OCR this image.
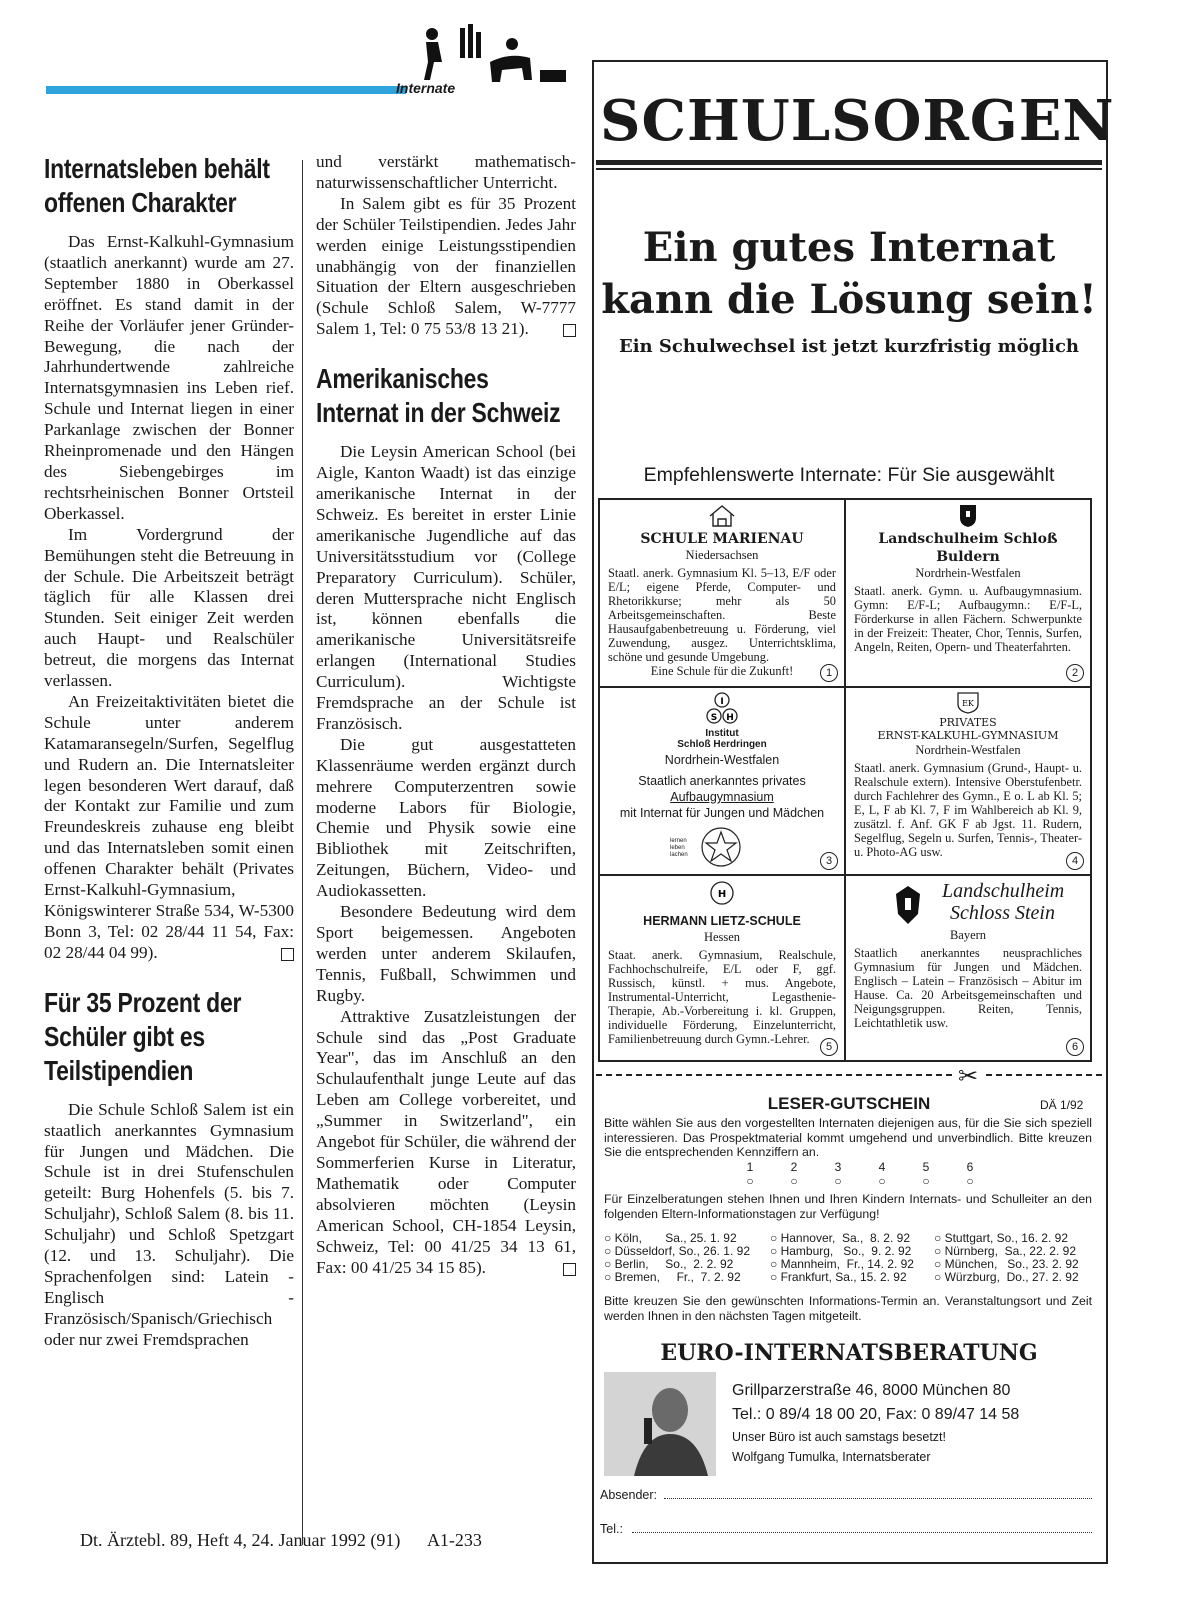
Internate
Internatsleben behält offenen Charakter

Das Ernst-Kalkuhl-Gymnasium (staatlich anerkannt) wurde am 27. September 1880 in Oberkassel eröffnet. Es stand damit in der Reihe der Vorläufer jener Gründer-Bewegung, die nach der Jahrhundertwende zahlreiche Internatsgymnasien ins Leben rief. Schule und Internat liegen in einer Parkanlage zwischen der Bonner Rheinpromenade und den Hängen des Siebengebirges im rechtsrheinischen Bonner Ortsteil Oberkassel.

Im Vordergrund der Bemühungen steht die Betreuung in der Schule. Die Arbeitszeit beträgt täglich für alle Klassen drei Stunden. Seit einiger Zeit werden auch Haupt- und Realschüler betreut, die morgens das Internat verlassen.

An Freizeitaktivitäten bietet die Schule unter anderem Katamaransegeln/Surfen, Segelflug und Rudern an. Die Internatsleiter legen besonderen Wert darauf, daß der Kontakt zur Familie und zum Freundeskreis zuhause eng bleibt und das Internatsleben somit einen offenen Charakter behält (Privates Ernst-Kalkuhl-Gymnasium, Königswinterer Straße 534, W-5300 Bonn 3, Tel: 02 28/44 11 54, Fax: 02 28/44 04 99).

Für 35 Prozent der Schüler gibt es Teilstipendien

Die Schule Schloß Salem ist ein staatlich anerkanntes Gymnasium für Jungen und Mädchen. Die Schule ist in drei Stufenschulen geteilt: Burg Hohenfels (5. bis 7. Schuljahr), Schloß Salem (8. bis 11. Schuljahr) und Schloß Spetzgart (12. und 13. Schuljahr). Die Sprachenfolgen sind: Latein - Englisch - Französisch/Spanisch/Griechisch oder nur zwei Fremdsprachen

und verstärkt mathematisch-naturwissenschaftlicher Unterricht.

In Salem gibt es für 35 Prozent der Schüler Teilstipendien. Jedes Jahr werden einige Leistungsstipendien unabhängig von der finanziellen Situation der Eltern ausgeschrieben (Schule Schloß Salem, W-7777 Salem 1, Tel: 0 75 53/8 13 21).

Amerikanisches Internat in der Schweiz

Die Leysin American School (bei Aigle, Kanton Waadt) ist das einzige amerikanische Internat in der Schweiz. Es bereitet in erster Linie amerikanische Jugendliche auf das Universitätsstudium vor (College Preparatory Curriculum). Schüler, deren Muttersprache nicht Englisch ist, können ebenfalls die amerikanische Universitätsreife erlangen (International Studies Curriculum). Wichtigste Fremdsprache an der Schule ist Französisch.

Die gut ausgestatteten Klassenräume werden ergänzt durch mehrere Computerzentren sowie moderne Labors für Biologie, Chemie und Physik sowie eine Bibliothek mit Zeitschriften, Zeitungen, Büchern, Video- und Audiokassetten.

Besondere Bedeutung wird dem Sport beigemessen. Angeboten werden unter anderem Skilaufen, Tennis, Fußball, Schwimmen und Rugby.

Attraktive Zusatzleistungen der Schule sind das „Post Graduate Year", das im Anschluß an den Schulaufenthalt junge Leute auf das Leben am College vorbereitet, und „Summer in Switzerland", ein Angebot für Schüler, die während der Sommerferien Kurse in Literatur, Mathematik oder Computer absolvieren möchten (Leysin American School, CH-1854 Leysin, Schweiz, Tel: 00 41/25 34 13 61, Fax: 00 41/25 34 15 85).

SCHULSORGEN
Ein gutes Internat
kann die Lösung sein!
Ein Schulwechsel ist jetzt kurzfristig möglich
Empfehlenswerte Internate: Für Sie ausgewählt
SCHULE MARIENAU
Niedersachsen
Staatl. anerk. Gymnasium Kl. 5–13, E/F oder E/L; eigene Pferde, Computer- und Rhetorikkurse; mehr als 50 Arbeitsgemeinschaften. Beste Hausaufgabenbetreuung u. Förderung, viel Zuwendung, ausgez. Unterrichtsklima, schöne und gesunde Umgebung.
Eine Schule für die Zukunft!	1
Landschulheim Schloß Buldern
Nordrhein-Westfalen
Staatl. anerk. Gymn. u. Aufbaugymnasium. Gymn: E/F-L; Aufbaugymn.: E/F-L, Förderkurse in allen Fächern. Schwerpunkte in der Freizeit: Theater, Chor, Tennis, Surfen, Angeln, Reiten, Opern- und Theaterfahrten.
2
I
S H
Institut
Schloß Herdringen
Nordrhein-Westfalen
Staatlich anerkanntes privates
Aufbaugymnasium
mit Internat für Jungen und Mädchen
lernen leben lachen	3
EK
PRIVATES
ERNST-KALKUHL-GYMNASIUM
Nordrhein-Westfalen
Staatl. anerk. Gymnasium (Grund-, Haupt- u. Realschule extern). Intensive Oberstufenbetr. durch Fachlehrer des Gymn., E o. L ab Kl. 5; E, L, F ab Kl. 7, F im Wahlbereich ab Kl. 9, zusätzl. f. Anf. GK F ab Jgst. 11. Rudern, Segelflug, Segeln u. Surfen, Tennis-, Theater- u. Photo-AG usw.
4
H
HERMANN LIETZ-SCHULE
Hessen
Staat. anerk. Gymnasium, Realschule, Fachhochschulreife, E/L oder F, ggf. Russisch, künstl. + mus. Angebote, Instrumental-Unterricht, Legasthenie-Therapie, Ab.-Vorbereitung i. kl. Gruppen, individuelle Förderung, Einzelunterricht, Familienbetreuung durch Gymn.-Lehrer.
5
Landschulheim
Schloss Stein
Bayern
Staatlich anerkanntes neusprachliches Gymnasium für Jungen und Mädchen. Englisch – Latein – Französisch – Abitur im Hause. Ca. 20 Arbeitsgemeinschaften und Neigungsgruppen. Reiten, Tennis, Leichtathletik usw.
6
✂
LESER-GUTSCHEIN	DÄ 1/92
Bitte wählen Sie aus den vorgestellten Internaten diejenigen aus, für die Sie sich speziell interessieren. Das Prospektmaterial kommt umgehend und unverbindlich. Bitte kreuzen Sie die entsprechenden Kennziffern an.
1
○
2
○
3
○
4
○
5
○
6
○
Für Einzelberatungen stehen Ihnen und Ihren Kindern Internats- und Schulleiter an den folgenden Eltern-Informationstagen zur Verfügung!
○ Köln,       Sa., 25. 1. 92
○ Düsseldorf, So., 26. 1. 92
○ Berlin,     So.,  2. 2. 92
○ Bremen,     Fr.,  7. 2. 92
○ Hannover,  Sa.,  8. 2. 92
○ Hamburg,   So.,  9. 2. 92
○ Mannheim,  Fr., 14. 2. 92
○ Frankfurt, Sa., 15. 2. 92
○ Stuttgart, So., 16. 2. 92
○ Nürnberg,  Sa., 22. 2. 92
○ München,   So., 23. 2. 92
○ Würzburg,  Do., 27. 2. 92
Bitte kreuzen Sie den gewünschten Informations-Termin an. Veranstaltungsort und Zeit werden Ihnen in den nächsten Tagen mitgeteilt.
EURO-INTERNATSBERATUNG
Grillparzerstraße 46, 8000 München 80
Tel.: 0 89/4 18 00 20, Fax: 0 89/47 14 58
Unser Büro ist auch samstags besetzt!
Wolfgang Tumulka, Internatsberater
Absender:
Tel.:
Dt. Ärztebl. 89, Heft 4, 24. Januar 1992 (91) A1-233
